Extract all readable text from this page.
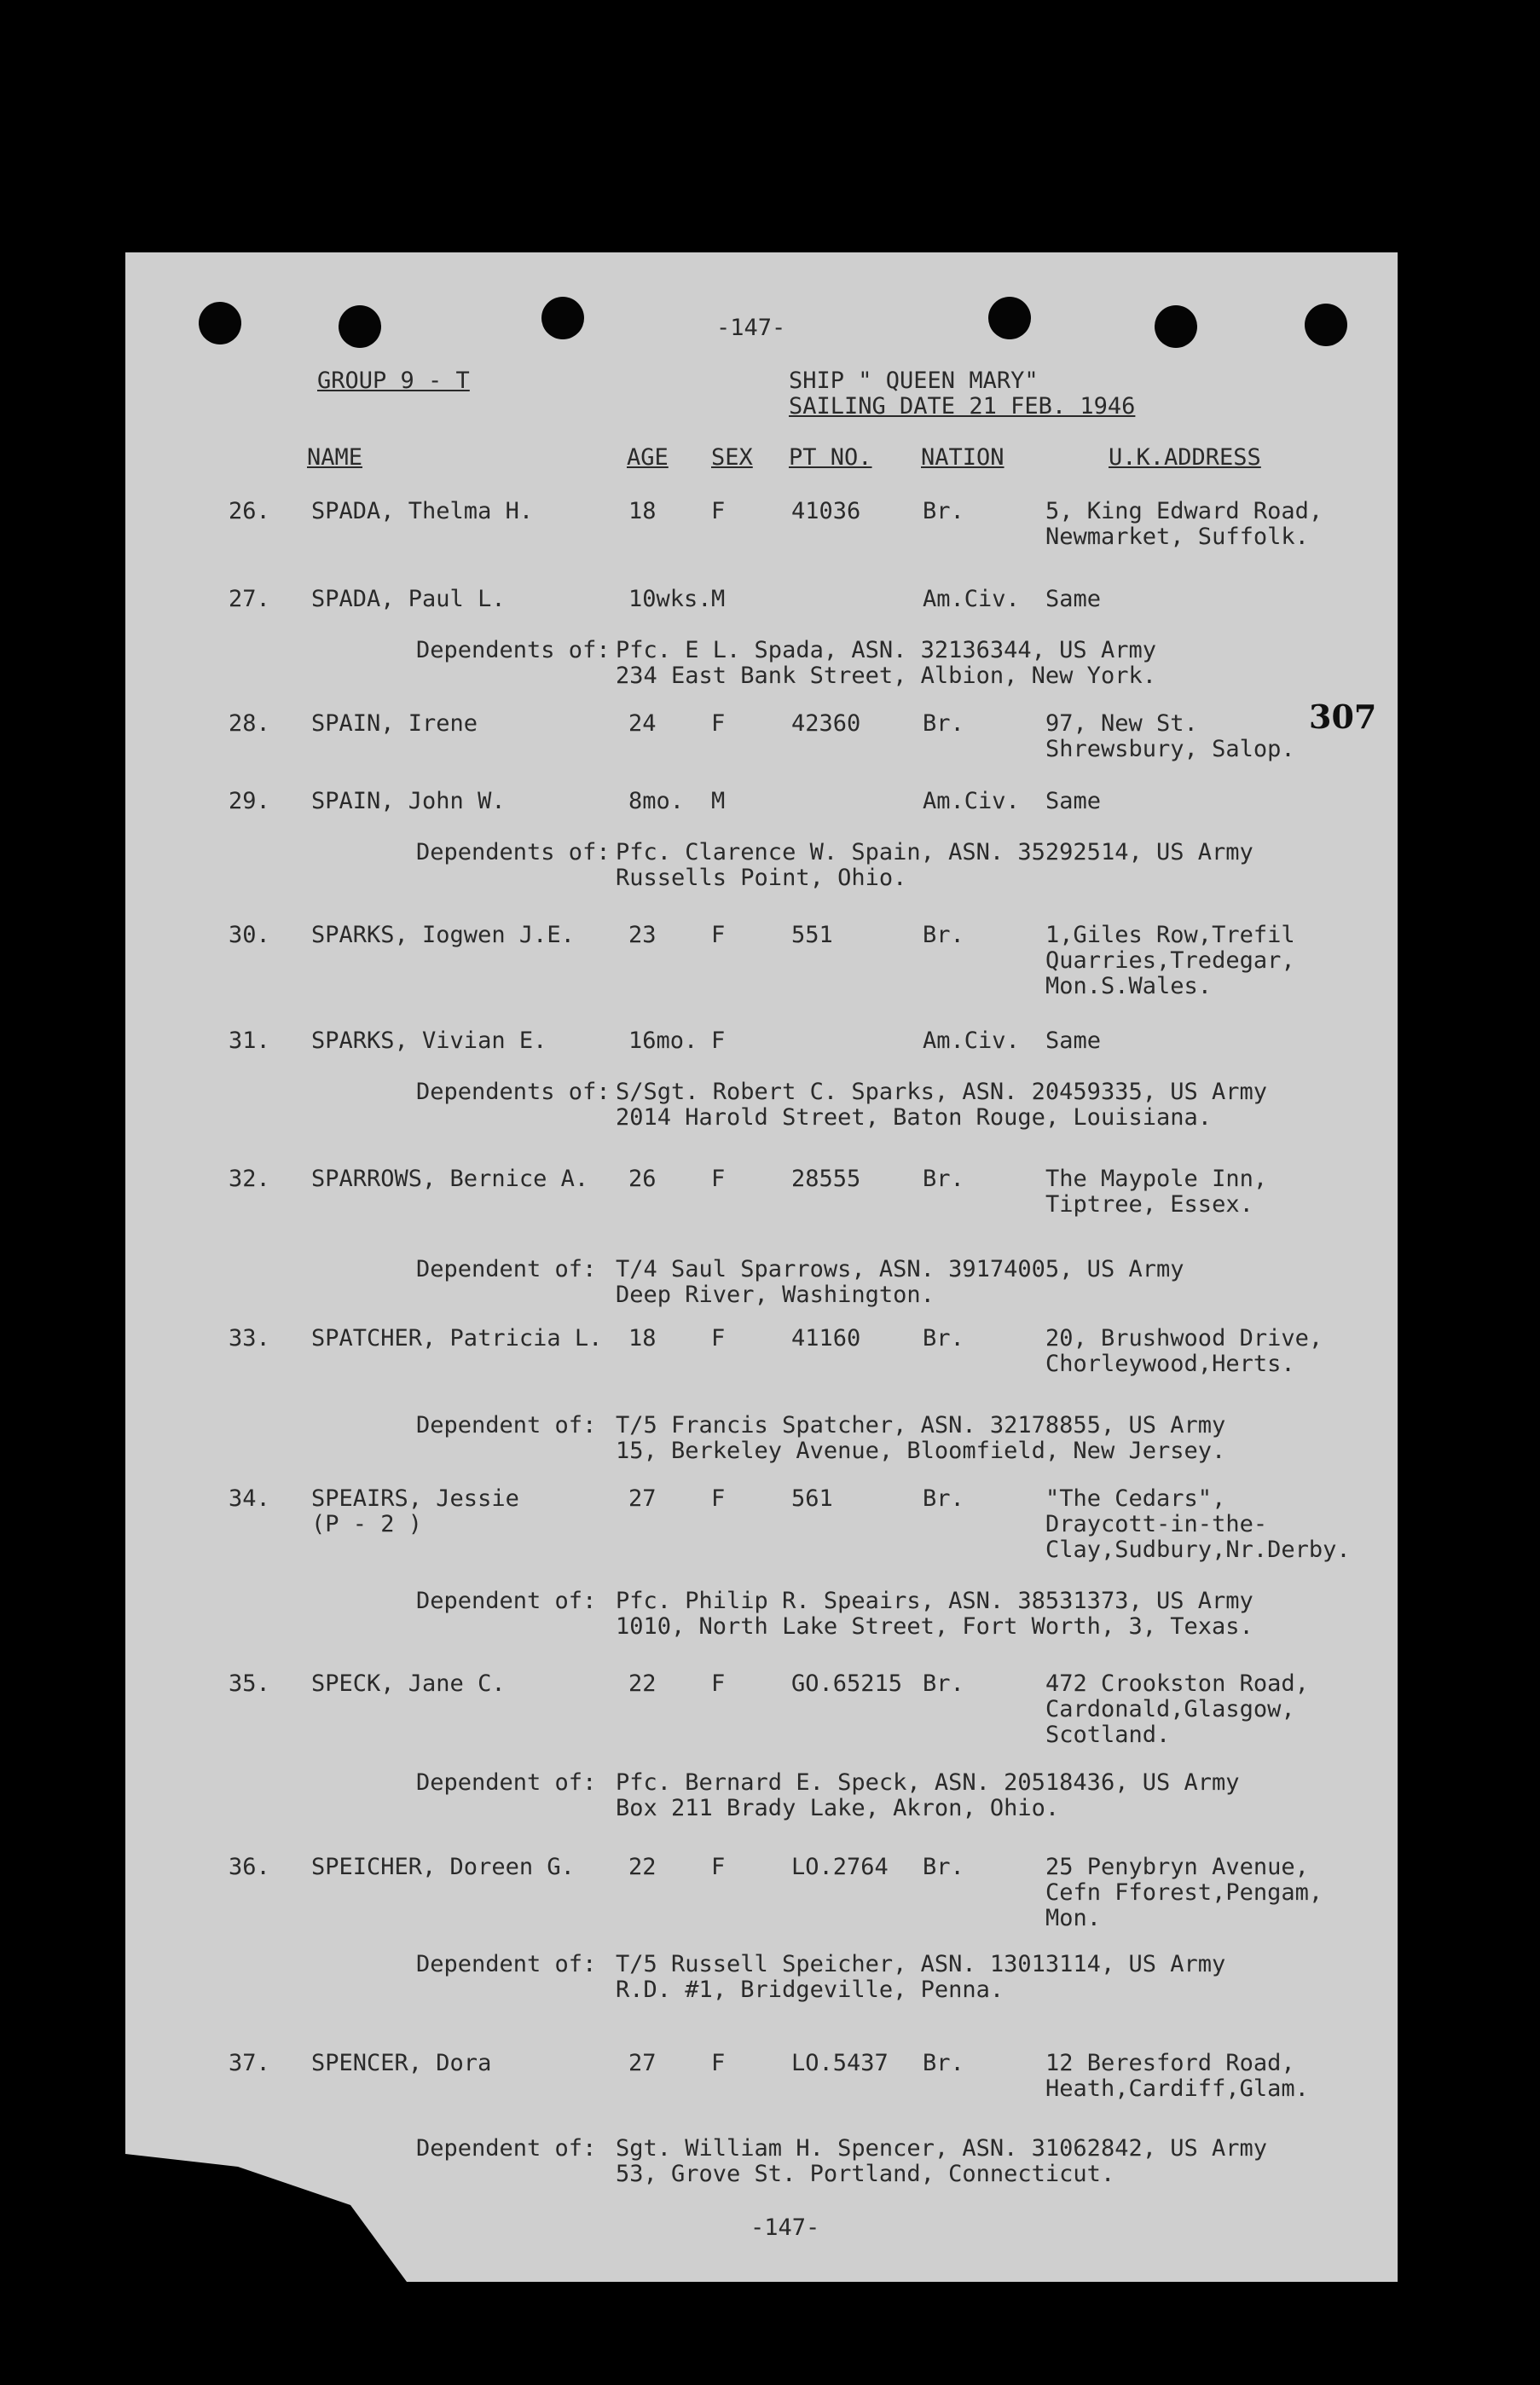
-147-
GROUP 9 - T	SHIP " QUEEN MARY"
SAILING DATE 21 FEB. 1946
307
NAME	AGE SEX PT NO. NATION	U.K.ADDRESS
26. SPADA, Thelma H.	18 F	41036	Br.	5, King Edward Road,
Newmarket, Suffolk.
27. SPADA, Paul L.	10wks. M	Am.Civ. Same
Dependents of: Pfc. E L. Spada, ASN. 32136344, US Army
234 East Bank Street, Albion, New York.
28. SPAIN, Irene	24 F	42360	Br.	97, New St.
Shrewsbury, Salop.
29. SPAIN, John W.	8mo. M	Am.Civ. Same
Dependents of: Pfc. Clarence W. Spain, ASN. 35292514, US Army
Russells Point, Ohio.
30. SPARKS, Iogwen J.E. 23 F	551	Br.	1,Giles Row,Trefil
Quarries,Tredegar,
Mon.S.Wales.
31. SPARKS, Vivian E.	16mo. F	Am.Civ. Same
Dependents of: S/Sgt. Robert C. Sparks, ASN. 20459335, US Army
2014 Harold Street, Baton Rouge, Louisiana.
32. SPARROWS, Bernice A. 26 F	28555	Br.	The Maypole Inn,
Tiptree, Essex.
Dependent of: T/4 Saul Sparrows, ASN. 39174005, US Army
Deep River, Washington.
33. SPATCHER, Patricia L. 18 F	41160	Br.	20, Brushwood Drive,
Chorleywood,Herts.
Dependent of: T/5 Francis Spatcher, ASN. 32178855, US Army
15, Berkeley Avenue, Bloomfield, New Jersey.
34. SPEAIRS, Jessie
(P - 2 )
27 F	561	Br.	"The Cedars",
Draycott-in-the-
Clay,Sudbury,Nr.Derby.
Dependent of: Pfc. Philip R. Speairs, ASN. 38531373, US Army
1010, North Lake Street, Fort Worth, 3, Texas.
35. SPECK, Jane C.	22 F	GO.65215 Br.	472 Crookston Road,
Cardonald,Glasgow,
Scotland.
Dependent of: Pfc. Bernard E. Speck, ASN. 20518436, US Army
Box 211 Brady Lake, Akron, Ohio.
36. SPEICHER, Doreen G. 22 F	LO.2764 Br.	25 Penybryn Avenue,
Cefn Fforest,Pengam,
Mon.
Dependent of: T/5 Russell Speicher, ASN. 13013114, US Army
R.D. #1, Bridgeville, Penna.
37. SPENCER, Dora	27 F	LO.5437 Br.	12 Beresford Road,
Heath,Cardiff,Glam.
Dependent of: Sgt. William H. Spencer, ASN. 31062842, US Army
53, Grove St. Portland, Connecticut.
-147-
